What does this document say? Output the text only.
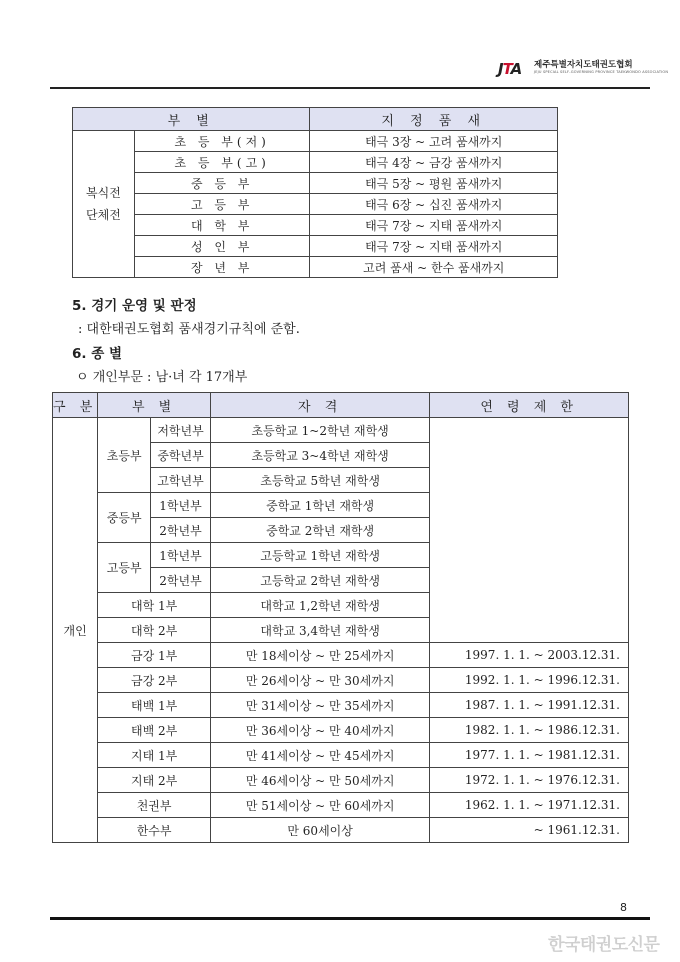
JTA 제주특별자치도태권도협회
JEJU SPECIAL SELF-GOVERNING PROVINCE TAEKWONDO ASSOCIATION
부 별		지 정 품 새
복식전
단체전	초 등 부(저)	태극 3장 ~ 고려 품새까지
	초 등 부(고)	태극 4장 ~ 금강 품새까지
	중 등 부	태극 5장 ~ 평원 품새까지
	고 등 부	태극 6장 ~ 십진 품새까지
	대 학 부	태극 7장 ~ 지태 품새까지
	성 인 부	태극 7장 ~ 지태 품새까지
	장 년 부	고려 품새 ~ 한수 품새까지
5. 경기 운영 및 판정
: 대한태권도협회 품새경기규칙에 준함.
6. 종 별
ㅇ 개인부문 : 남·녀 각 17개부
구 분	부 별		자 격	연 령 제 한
개인	초등부	저학년부	초등학교 1~2학년 재학생	
		중학년부	초등학교 3~4학년 재학생	
		고학년부	초등학교 5학년 재학생	
	중등부	1학년부	중학교 1학년 재학생	
		2학년부	중학교 2학년 재학생	
	고등부	1학년부	고등학교 1학년 재학생	
		2학년부	고등학교 2학년 재학생	
	대학 1부		대학교 1,2학년 재학생	
	대학 2부		대학교 3,4학년 재학생	
	금강 1부		만 18세이상 ~ 만 25세까지	1997. 1. 1. ~ 2003.12.31.
	금강 2부		만 26세이상 ~ 만 30세까지	1992. 1. 1. ~ 1996.12.31.
	태백 1부		만 31세이상 ~ 만 35세까지	1987. 1. 1. ~ 1991.12.31.
	태백 2부		만 36세이상 ~ 만 40세까지	1982. 1. 1. ~ 1986.12.31.
	지태 1부		만 41세이상 ~ 만 45세까지	1977. 1. 1. ~ 1981.12.31.
	지태 2부		만 46세이상 ~ 만 50세까지	1972. 1. 1. ~ 1976.12.31.
	천권부		만 51세이상 ~ 만 60세까지	1962. 1. 1. ~ 1971.12.31.
	한수부		만 60세이상	~ 1961.12.31.
8
한국태권도신문
